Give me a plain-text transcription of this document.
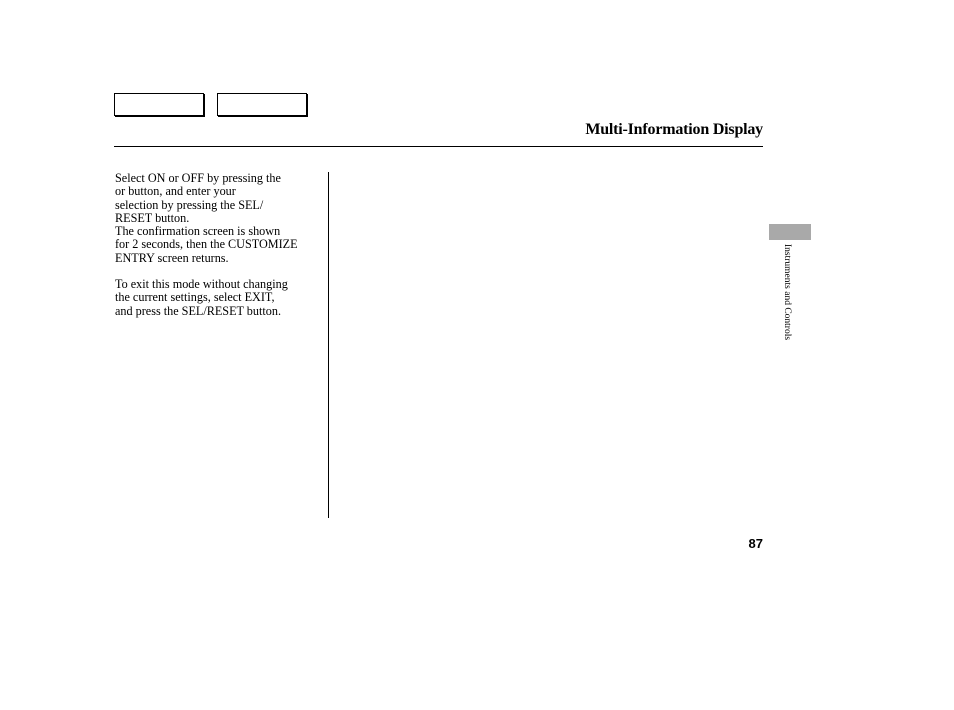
Multi-Information Display

Select ON or OFF by pressing the
or button, and enter your
selection by pressing the SEL/
RESET button.
The confirmation screen is shown
for 2 seconds, then the CUSTOMIZE
ENTRY screen returns.

To exit this mode without changing
the current settings, select EXIT,
and press the SEL/RESET button.	Instruments and Controls
87
